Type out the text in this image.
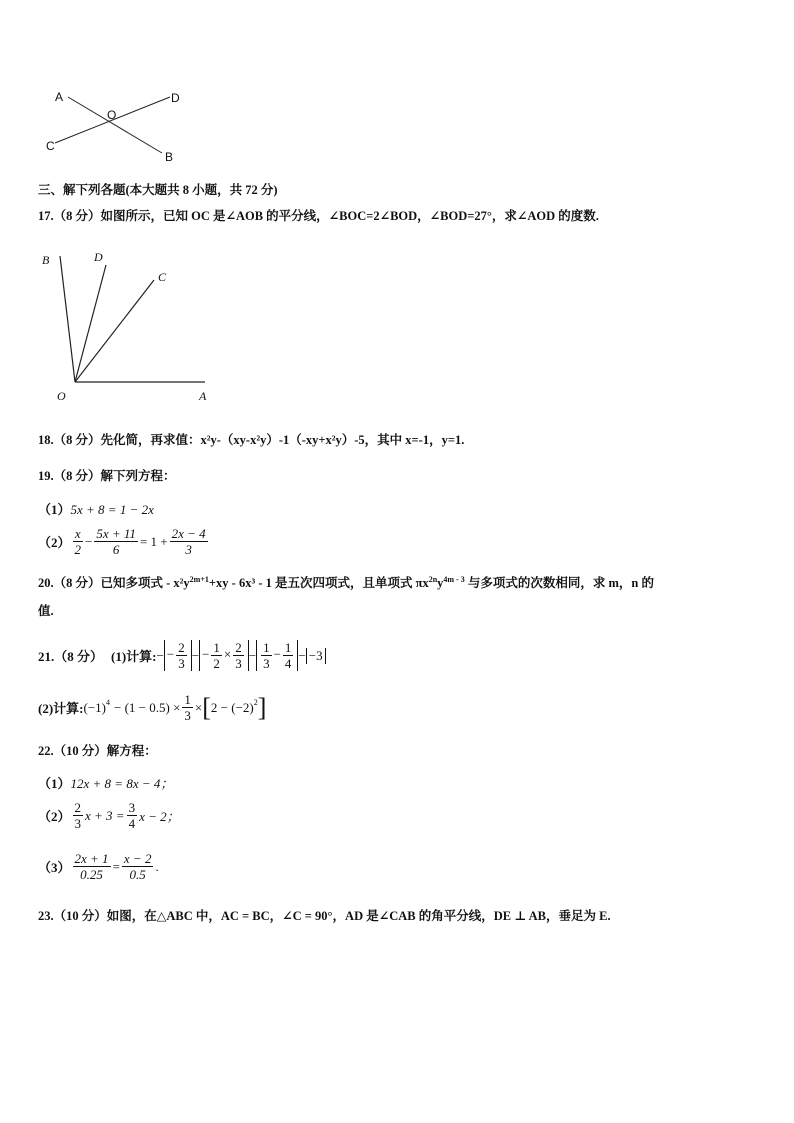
A	D
O
C
B
三、解下列各题(本大题共 8 小题，共 72 分)
17.（8 分）如图所示，已知 OC 是∠AOB 的平分线，∠BOC=2∠BOD，∠BOD=27°，求∠AOD 的度数.
B	D
C
O	A
18.（8 分）先化简，再求值：x²y-（xy-x²y）-1（-xy+x²y）-5，其中 x=-1，y=1.
19.（8 分）解下列方程：
（1）5x + 8 = 1 − 2x
$(2) \frac{x}{2} - \frac{5x + 11}{6} = 1 + \frac{2x - 4}{3}$
20.（8 分）已知多项式 - $x^2y^{2m+1}+xy - 6x^3 - 1$ 是五次四项式，且单项式 $\pi x^{2n}y^{4m - 3}$ 与多项式的次数相同，求 m，n 的
值.
21.（8 分） (1)计算: − − $\frac{2}{3}$ − − $\frac{1}{2} \times \frac{2}{3} - \frac{1}{3} - \frac{1}{4} - -3$
(2)计算: $(-1)^4 - (1 - 0.5) \times \frac{1}{3}$ × [ $2 - (-2)^2$ ]
22.（10 分）解方程：
（1）12x + 8 = 8x − 4；
$(2) \frac{2}{3}$ $x + 3 = \frac{3}{4}$ x − 2；
$(3) \frac{2x + 1}{0.25} = \frac{x - 2}{0.5}$ .
23.（10 分）如图，在△ABC 中，AC = BC，∠C = 90°，AD 是∠CAB 的角平分线，DE ⊥ AB，垂足为 E.
